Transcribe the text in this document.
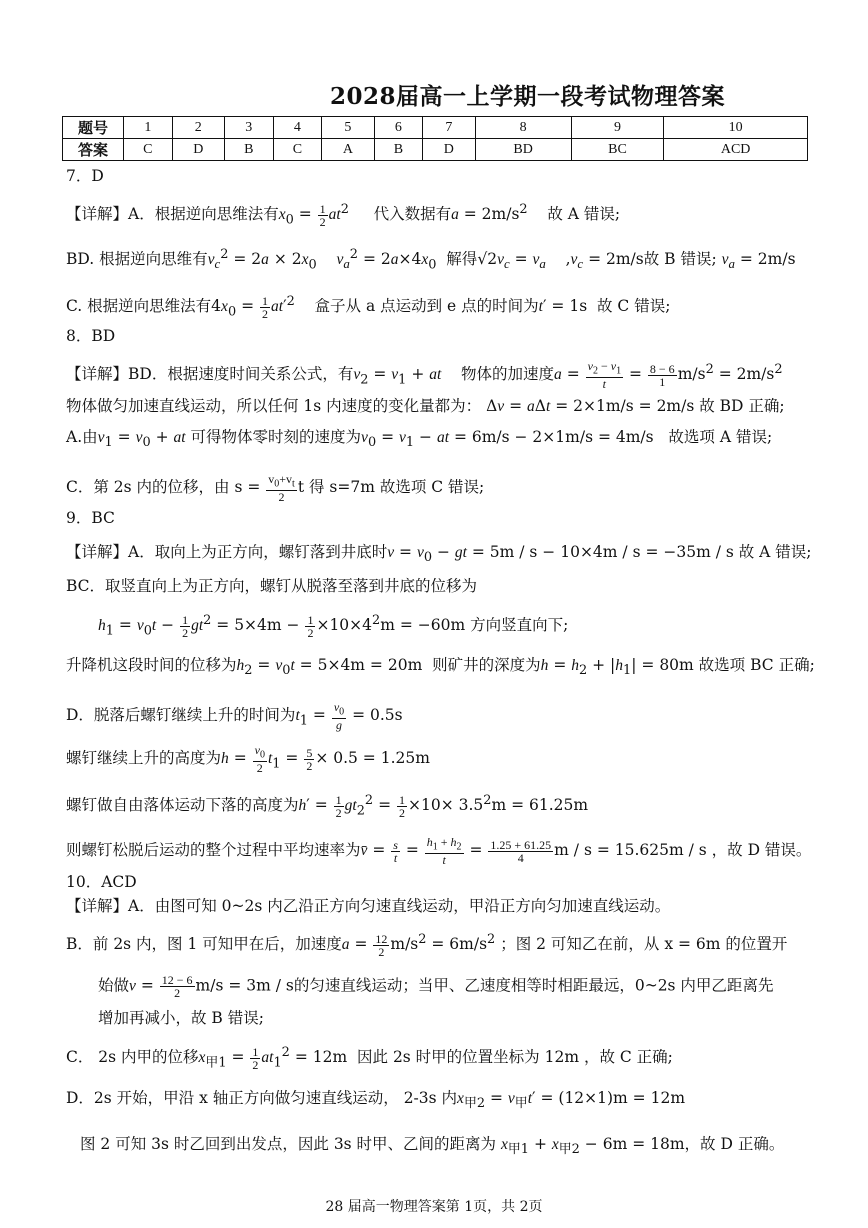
2028届高一上学期一段考试物理答案
题号	1	2	3	4	5	6	7	8	9	10
答案	C	D	B	C	A	B	D	BD	BC	ACD
7．D
【详解】A．根据逆向思维法有$x_0 = \frac{1}{2} at^2$ 代入数据有$a = 2m/s^2$ 故 A 错误;
BD. 根据逆向思维有$v_c^2 = 2a \times 2x_0$ $v_a^2 = 2a\times 4x_0$ 解得$√2v_c = v_a$    $,v_c = 2m/s$故 B 错误; $v_a = 2m/s$
C. 根据逆向思维法有$4x_0 = \frac{1}{2} at'^2$ 盒子从 a 点运动到 e 点的时间为t′ = 1s  故 C 错误;
8．BD
【详解】BD．根据速度时间关系公式，有$v_2 = v_1$ + at 物体的加速度$a = \frac{v_2 - v_1}{t} = \frac{8 - 6}{1} m/s^2 = 2m/s^2$
物体做匀加速直线运动，所以任何 1s 内速度的变化量都为： Δv = aΔt = 2×1m/s = 2m/s 故 BD 正确;
A.由$v_1 = v_0$ + at 可得物体零时刻的速度为$v_0 = v_1$ − at = 6m/s − 2×1m/s = 4m/s   故选项 A 错误;
C．第 2s 内的位移，由 $s = \frac{v_0+v_t}{2}$ t 得 s=7m 故选项 C 错误;
9．BC
【详解】A．取向上为正方向，螺钉落到井底时$v = v_0$ − gt = 5m / s − 10×4m / s = −35m / s 故 A 错误;
BC．取竖直向上为正方向，螺钉从脱落至落到井底的位移为
$h_1 = v_0t - \frac{1}{2} gt^2 = 5\times 4m - \frac{1}{2} \times 10\times 4^2m = -60m$ 方向竖直向下;
升降机这段时间的位移为$h_2 = v_0t = 5\times 4m = 20m$  则矿井的深度为$h = h_2 + |h_1| = 80m$ 故选项 BC 正确;
D．脱落后螺钉继续上升的时间为$t_1 = \frac{v_0}{g} = 0.5s$
螺钉继续上升的高度为$h = \frac{v_0}{2} t_1 = \frac{5}{2} \times 0.5 = 1.25m$
螺钉做自由落体运动下落的高度为$h' = \frac{1}{2} gt_2^2 = \frac{1}{2} \times 10\times 3.5^2m = 61.25m$
则螺钉松脱后运动的整个过程中平均速率为v̄ = $\frac{s}{t} = \frac{h_1 + h_2}{t} = \frac{1.25 + 61.25}{4}$ m / s = 15.625m / s ，故 D 错误。
10．ACD
【详解】A．由图可知 0~2s 内乙沿正方向匀速直线运动，甲沿正方向匀加速直线运动。
B．前 2s 内，图 1 可知甲在后，加速度$a = \frac{12}{2} m/s^2 = 6m/s^2$ ；图 2 可知乙在前，从 x = 6m 的位置开
始做$v = \frac{12 - 6}{2} m/s = 3m / s$的匀速直线运动；当甲、乙速度相等时相距最远，0~2s 内甲乙距离先
增加再减小，故 B 错误;
C． 2s 内甲的位移$x_{甲1} = \frac{1}{2} at_1^2 = 12m$  因此 2s 时甲的位置坐标为 12m ，故 C 正确;
D．2s 开始，甲沿 x 轴正方向做匀速直线运动， 2-3s 内$x_{甲2} = v_甲t' = (12\times 1)m = 12m$
图 2 可知 3s 时乙回到出发点，因此 3s 时甲、乙间的距离为 $x_{甲1} + x_{甲2} - 6m = 18m$，故 D 正确。
28 届高一物理答案第 1页，共 2页
